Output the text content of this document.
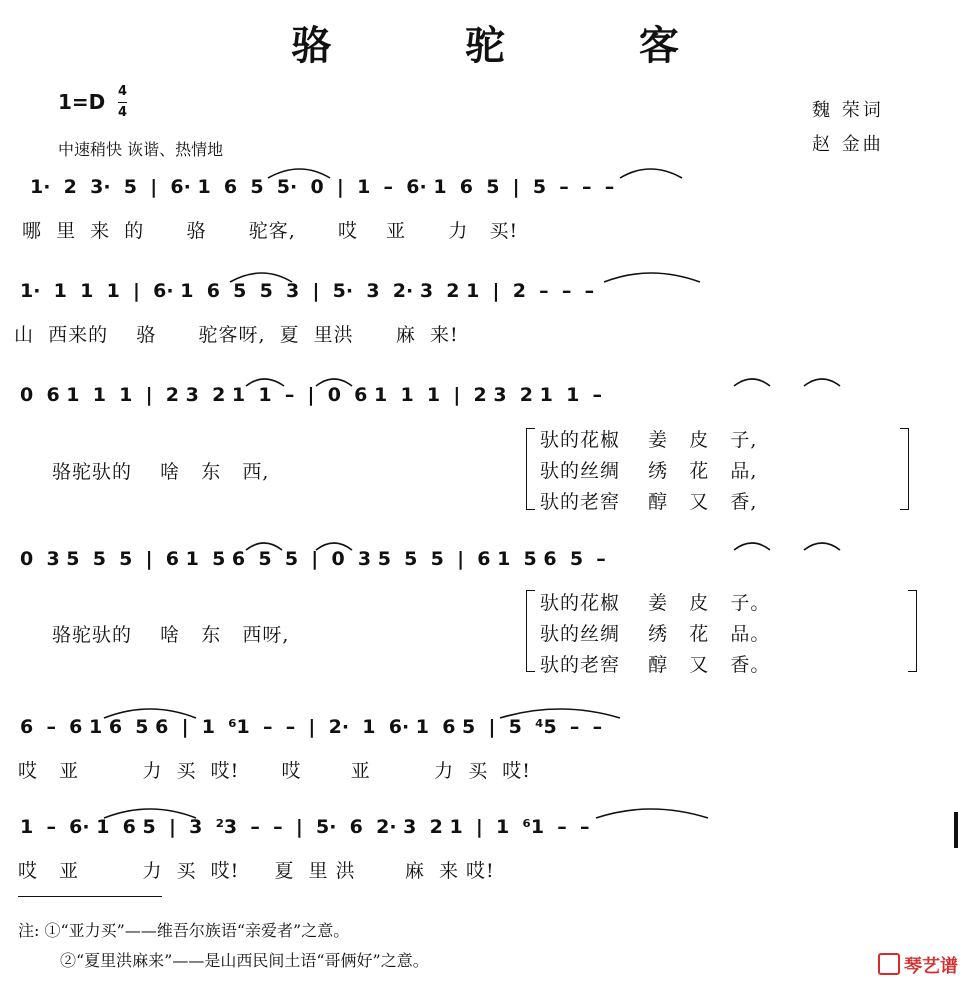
骆 驼 客
1=D 4
4
中速稍快 诙谐、热情地
魏 荣词
赵 金曲
1·  2  3·  5  |  6· 1  6  5  5·  0  |  1  –  6· 1  6  5  |  5  –  –  –
哪  里  来  的      骆      驼客,      哎    亚      力   买!
1·  1  1  1  |  6· 1  6  5  5  3  |  5·  3  2· 3  2 1  |  2  –  –  –
山  西来的    骆      驼客呀,  夏  里洪      麻  来!
0  6 1  1  1  |  2 3  2 1  1  –  |  0  6 1  1  1  |  2 3  2 1  1  –
骆驼驮的    啥   东   西,
驮的花椒    姜   皮   子,
驮的丝绸    绣   花   品,
驮的老窖    醇   又   香,
0  3 5  5  5  |  6 1  5 6  5  5  |  0  3 5  5  5  |  6 1  5 6  5  –
骆驼驮的    啥   东   西呀,
驮的花椒    姜   皮   子。
驮的丝绸    绣   花   品。
驮的老窖    醇   又   香。
6  –  6 1 6  5 6  |  1  ⁶1  –  –  |  2·  1  6· 1  6 5  |  5  ⁴5  –  –
哎   亚         力  买  哎!      哎       亚         力  买  哎!
1  –  6· 1  6 5  |  3  ²3  –  –  |  5·  6  2· 3  2 1  |  1  ⁶1  –  –
哎   亚         力  买  哎!     夏  里 洪       麻  来 哎!
注: ①“亚力买”——维吾尔族语“亲爱者”之意。
②“夏里洪麻来”——是山西民间土语“哥俩好”之意。	琴艺谱
